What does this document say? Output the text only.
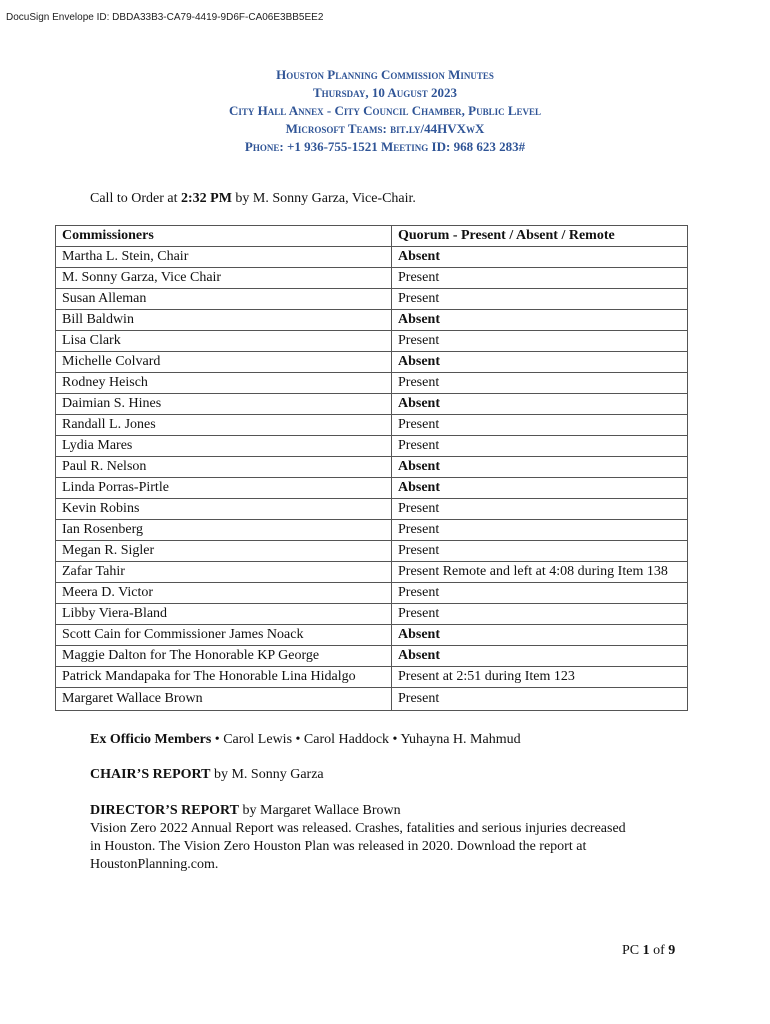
DocuSign Envelope ID: DBDA33B3-CA79-4419-9D6F-CA06E3BB5EE2
Houston Planning Commission Minutes
Thursday, 10 August 2023
City Hall Annex - City Council Chamber, Public Level
Microsoft Teams: bit.ly/44HVXwX
Phone: +1 936-755-1521 Meeting ID: 968 623 283#
Call to Order at 2:32 PM by M. Sonny Garza, Vice-Chair.
Commissioners	Quorum - Present / Absent / Remote
Martha L. Stein, Chair	Absent
M. Sonny Garza, Vice Chair	Present
Susan Alleman	Present
Bill Baldwin	Absent
Lisa Clark	Present
Michelle Colvard	Absent
Rodney Heisch	Present
Daimian S. Hines	Absent
Randall L. Jones	Present
Lydia Mares	Present
Paul R. Nelson	Absent
Linda Porras-Pirtle	Absent
Kevin Robins	Present
Ian Rosenberg	Present
Megan R. Sigler	Present
Zafar Tahir	Present Remote and left at 4:08 during Item 138
Meera D. Victor	Present
Libby Viera-Bland	Present
Scott Cain for Commissioner James Noack	Absent
Maggie Dalton for The Honorable KP George	Absent
Patrick Mandapaka for The Honorable Lina Hidalgo	Present at 2:51 during Item 123
Margaret Wallace Brown	Present
Ex Officio Members • Carol Lewis • Carol Haddock • Yuhayna H. Mahmud
CHAIR’S REPORT by M. Sonny Garza
DIRECTOR’S REPORT by Margaret Wallace Brown
Vision Zero 2022 Annual Report was released. Crashes, fatalities and serious injuries decreased
in Houston. The Vision Zero Houston Plan was released in 2020. Download the report at
HoustonPlanning.com.
PC 1 of 9
